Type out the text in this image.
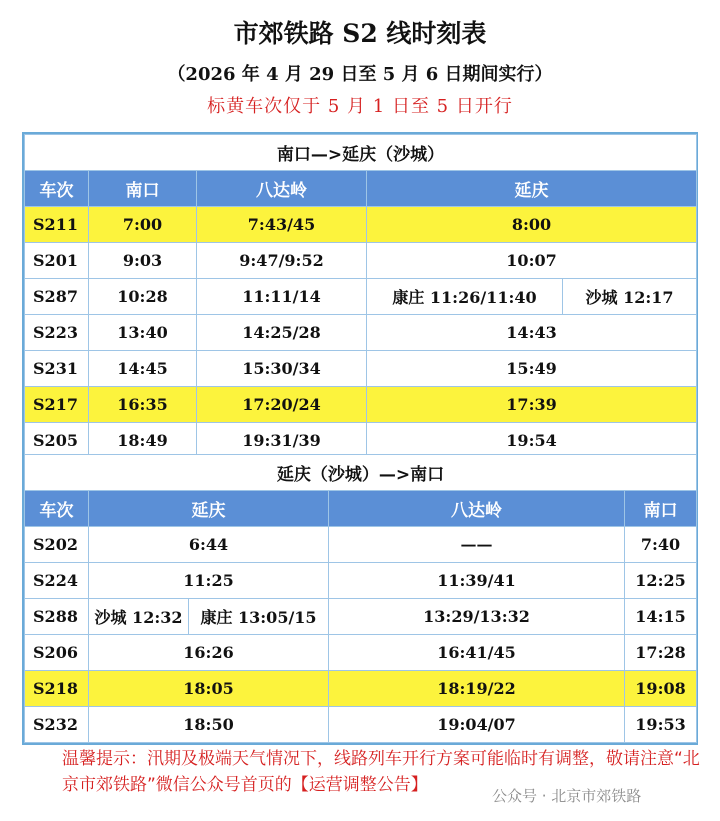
市郊铁路 S2 线时刻表
（2026 年 4 月 29 日至 5 月 6 日期间实行）
标黄车次仅于 5 月 1 日至 5 日开行
南口—>延庆（沙城）				
车次	南口	八达岭	延庆	
S211	7:00	7:43/45	8:00	
S201	9:03	9:47/9:52	10:07	
S287	10:28	11:11/14	康庄 11:26/11:40	沙城 12:17
S223	13:40	14:25/28	14:43	
S231	14:45	15:30/34	15:49	
S217	16:35	17:20/24	17:39	
S205	18:49	19:31/39	19:54	
延庆（沙城）—>南口				
车次	延庆		八达岭	南口
S202	6:44		——	7:40
S224	11:25		11:39/41	12:25
S288	沙城 12:32	康庄 13:05/15	13:29/13:32	14:15
S206	16:26		16:41/45	17:28
S218	18:05		18:19/22	19:08
S232	18:50		19:04/07	19:53
温馨提示：汛期及极端天气情况下，线路列车开行方案可能临时有调整，敬请注意“北京市郊铁路”微信公众号首页的【运营调整公告】
公众号 · 北京市郊铁路
